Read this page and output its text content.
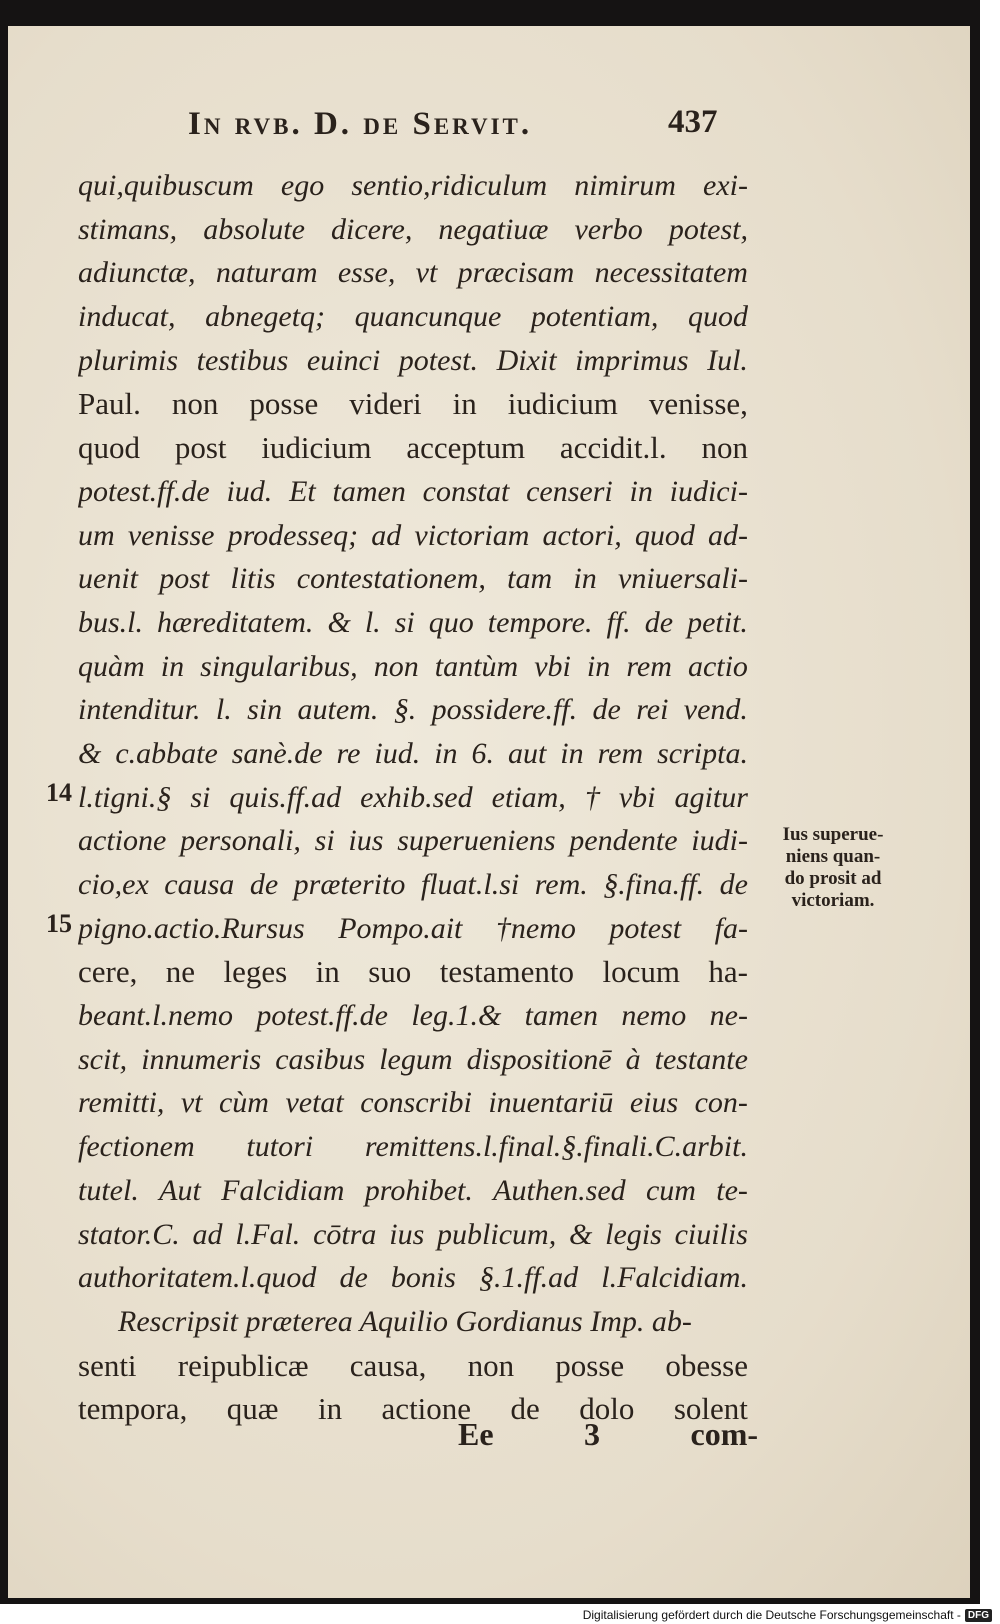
In rvb. D. de Servit.	437
qui,quibuscum ego sentio,ridiculum nimirum exi-
stimans, absolute dicere, negatiuæ verbo potest,
adiunctæ, naturam esse, vt præcisam necessitatem
inducat, abnegetq; quancunque potentiam, quod
plurimis testibus euinci potest. Dixit imprimus Iul.
Paul. non posse videri in iudicium venisse,
quod post iudicium acceptum accidit.l. non
potest.ff.de iud. Et tamen constat censeri in iudici-
um venisse prodesseq; ad victoriam actori, quod ad-
uenit post litis contestationem, tam in vniuersali-
bus.l. hæreditatem. & l. si quo tempore. ff. de petit.
quàm in singularibus, non tantùm vbi in rem actio
intenditur. l. sin autem. §. possidere.ff. de rei vend.
& c.abbate sanè.de re iud. in 6. aut in rem scripta.
l.tigni.§ si quis.ff.ad exhib.sed etiam, † vbi agitur
actione personali, si ius superueniens pendente iudi-
cio,ex causa de præterito fluat.l.si rem. §.fina.ff. de
pigno.actio.Rursus Pompo.ait †nemo potest fa-
cere, ne leges in suo testamento locum ha-
beant.l.nemo potest.ff.de leg.1.& tamen nemo ne-
scit, innumeris casibus legum dispositionē à testante
remitti, vt cùm vetat conscribi inuentariū eius con-
fectionem tutori remittens.l.final.§.finali.C.arbit.
tutel. Aut Falcidiam prohibet. Authen.sed cum te-
stator.C. ad l.Fal. cōtra ius publicum, & legis ciuilis
authoritatem.l.quod de bonis §.1.ff.ad l.Falcidiam.
Rescripsit præterea Aquilio Gordianus Imp. ab-
senti reipublicæ causa, non posse obesse
tempora, quæ in actione de dolo solent
14
15
Ius superue-
niens quan-
do prosit ad
victoriam.
Ee	3	com-
Digitalisierung gefördert durch die Deutsche Forschungsgemeinschaft - DFG
